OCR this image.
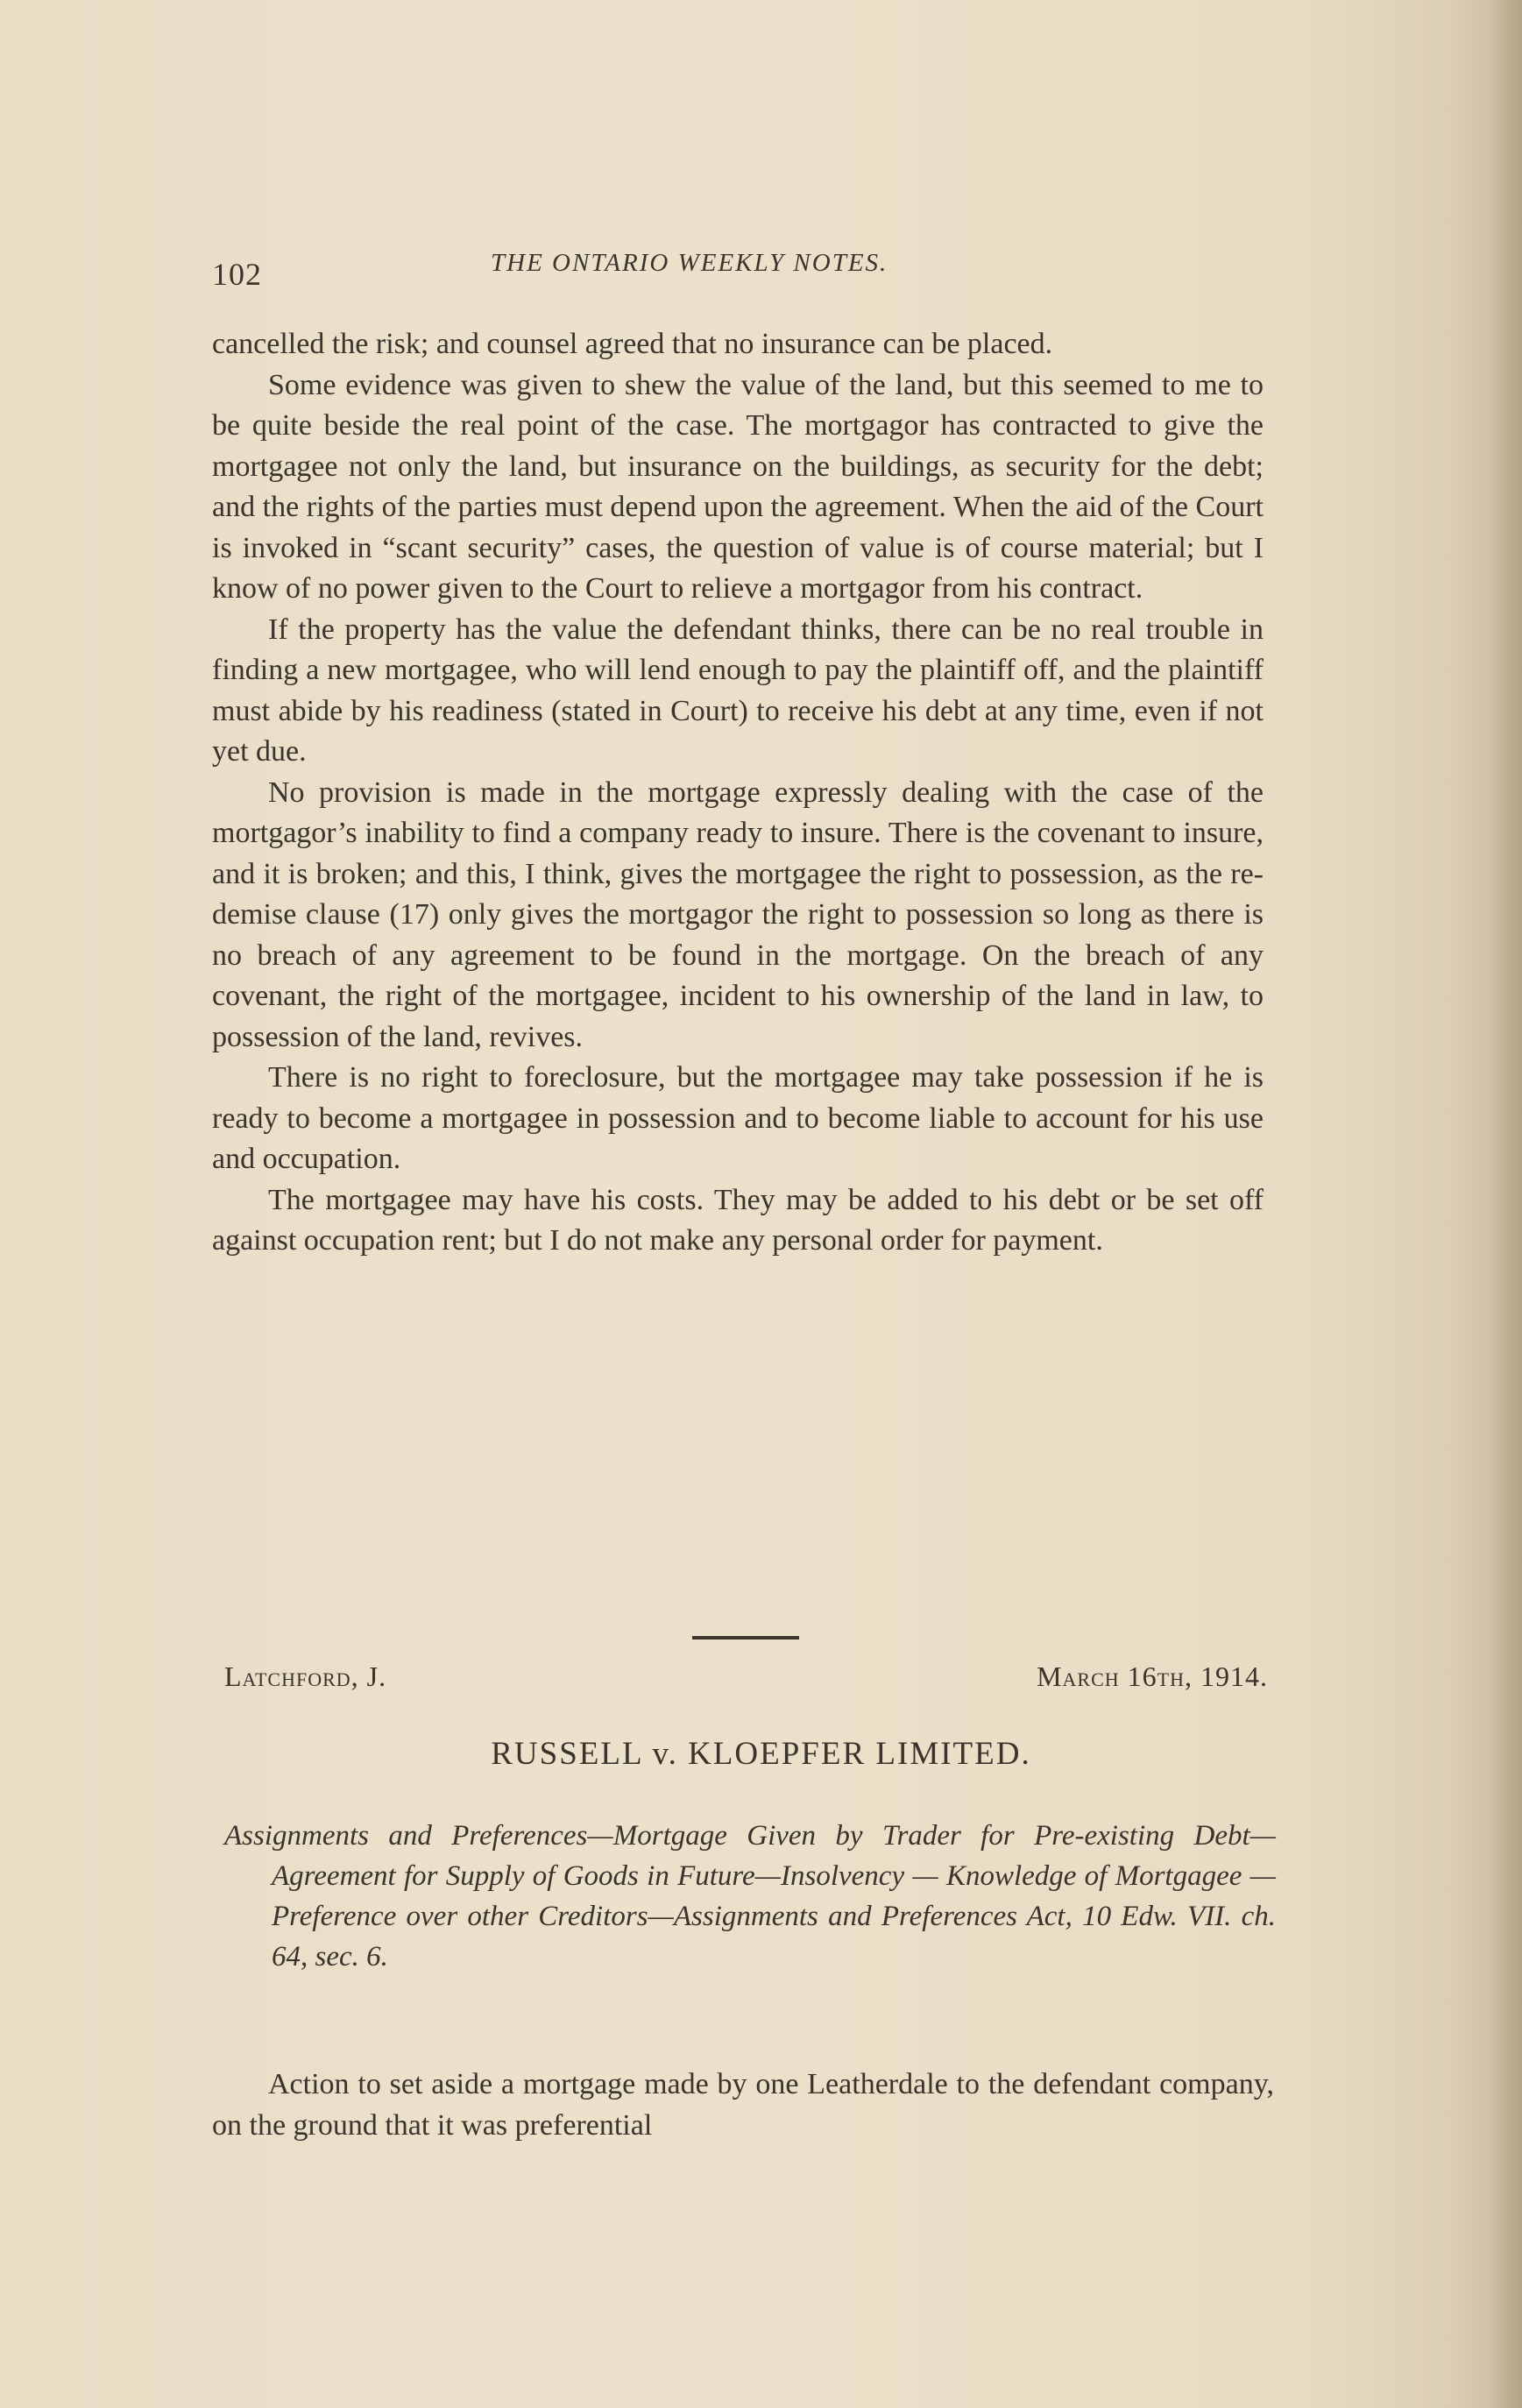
102	THE ONTARIO WEEKLY NOTES.

cancelled the risk; and counsel agreed that no insurance can be placed.

Some evidence was given to shew the value of the land, but this seemed to me to be quite beside the real point of the case. The mortgagor has contracted to give the mortgagee not only the land, but insurance on the buildings, as security for the debt; and the rights of the parties must depend upon the agreement. When the aid of the Court is invoked in “scant security” cases, the question of value is of course material; but I know of no power given to the Court to relieve a mortgagor from his contract.

If the property has the value the defendant thinks, there can be no real trouble in finding a new mortgagee, who will lend enough to pay the plaintiff off, and the plaintiff must abide by his readiness (stated in Court) to receive his debt at any time, even if not yet due.

No provision is made in the mortgage expressly dealing with the case of the mortgagor’s inability to find a company ready to insure. There is the covenant to insure, and it is broken; and this, I think, gives the mortgagee the right to possession, as the re-demise clause (17) only gives the mortgagor the right to possession so long as there is no breach of any agreement to be found in the mortgage. On the breach of any covenant, the right of the mortgagee, incident to his ownership of the land in law, to possession of the land, revives.

There is no right to foreclosure, but the mortgagee may take possession if he is ready to become a mortgagee in possession and to become liable to account for his use and occupation.

The mortgagee may have his costs. They may be added to his debt or be set off against occupation rent; but I do not make any personal order for payment.

Latchford, J.	March 16th, 1914.
RUSSELL v. KLOEPFER LIMITED.
Assignments and Preferences—Mortgage Given by Trader for Pre-existing Debt—Agreement for Supply of Goods in Future—Insolvency — Knowledge of Mortgagee — Preference over other Creditors—Assignments and Preferences Act, 10 Edw. VII. ch. 64, sec. 6.

Action to set aside a mortgage made by one Leatherdale to the defendant company, on the ground that it was preferential
